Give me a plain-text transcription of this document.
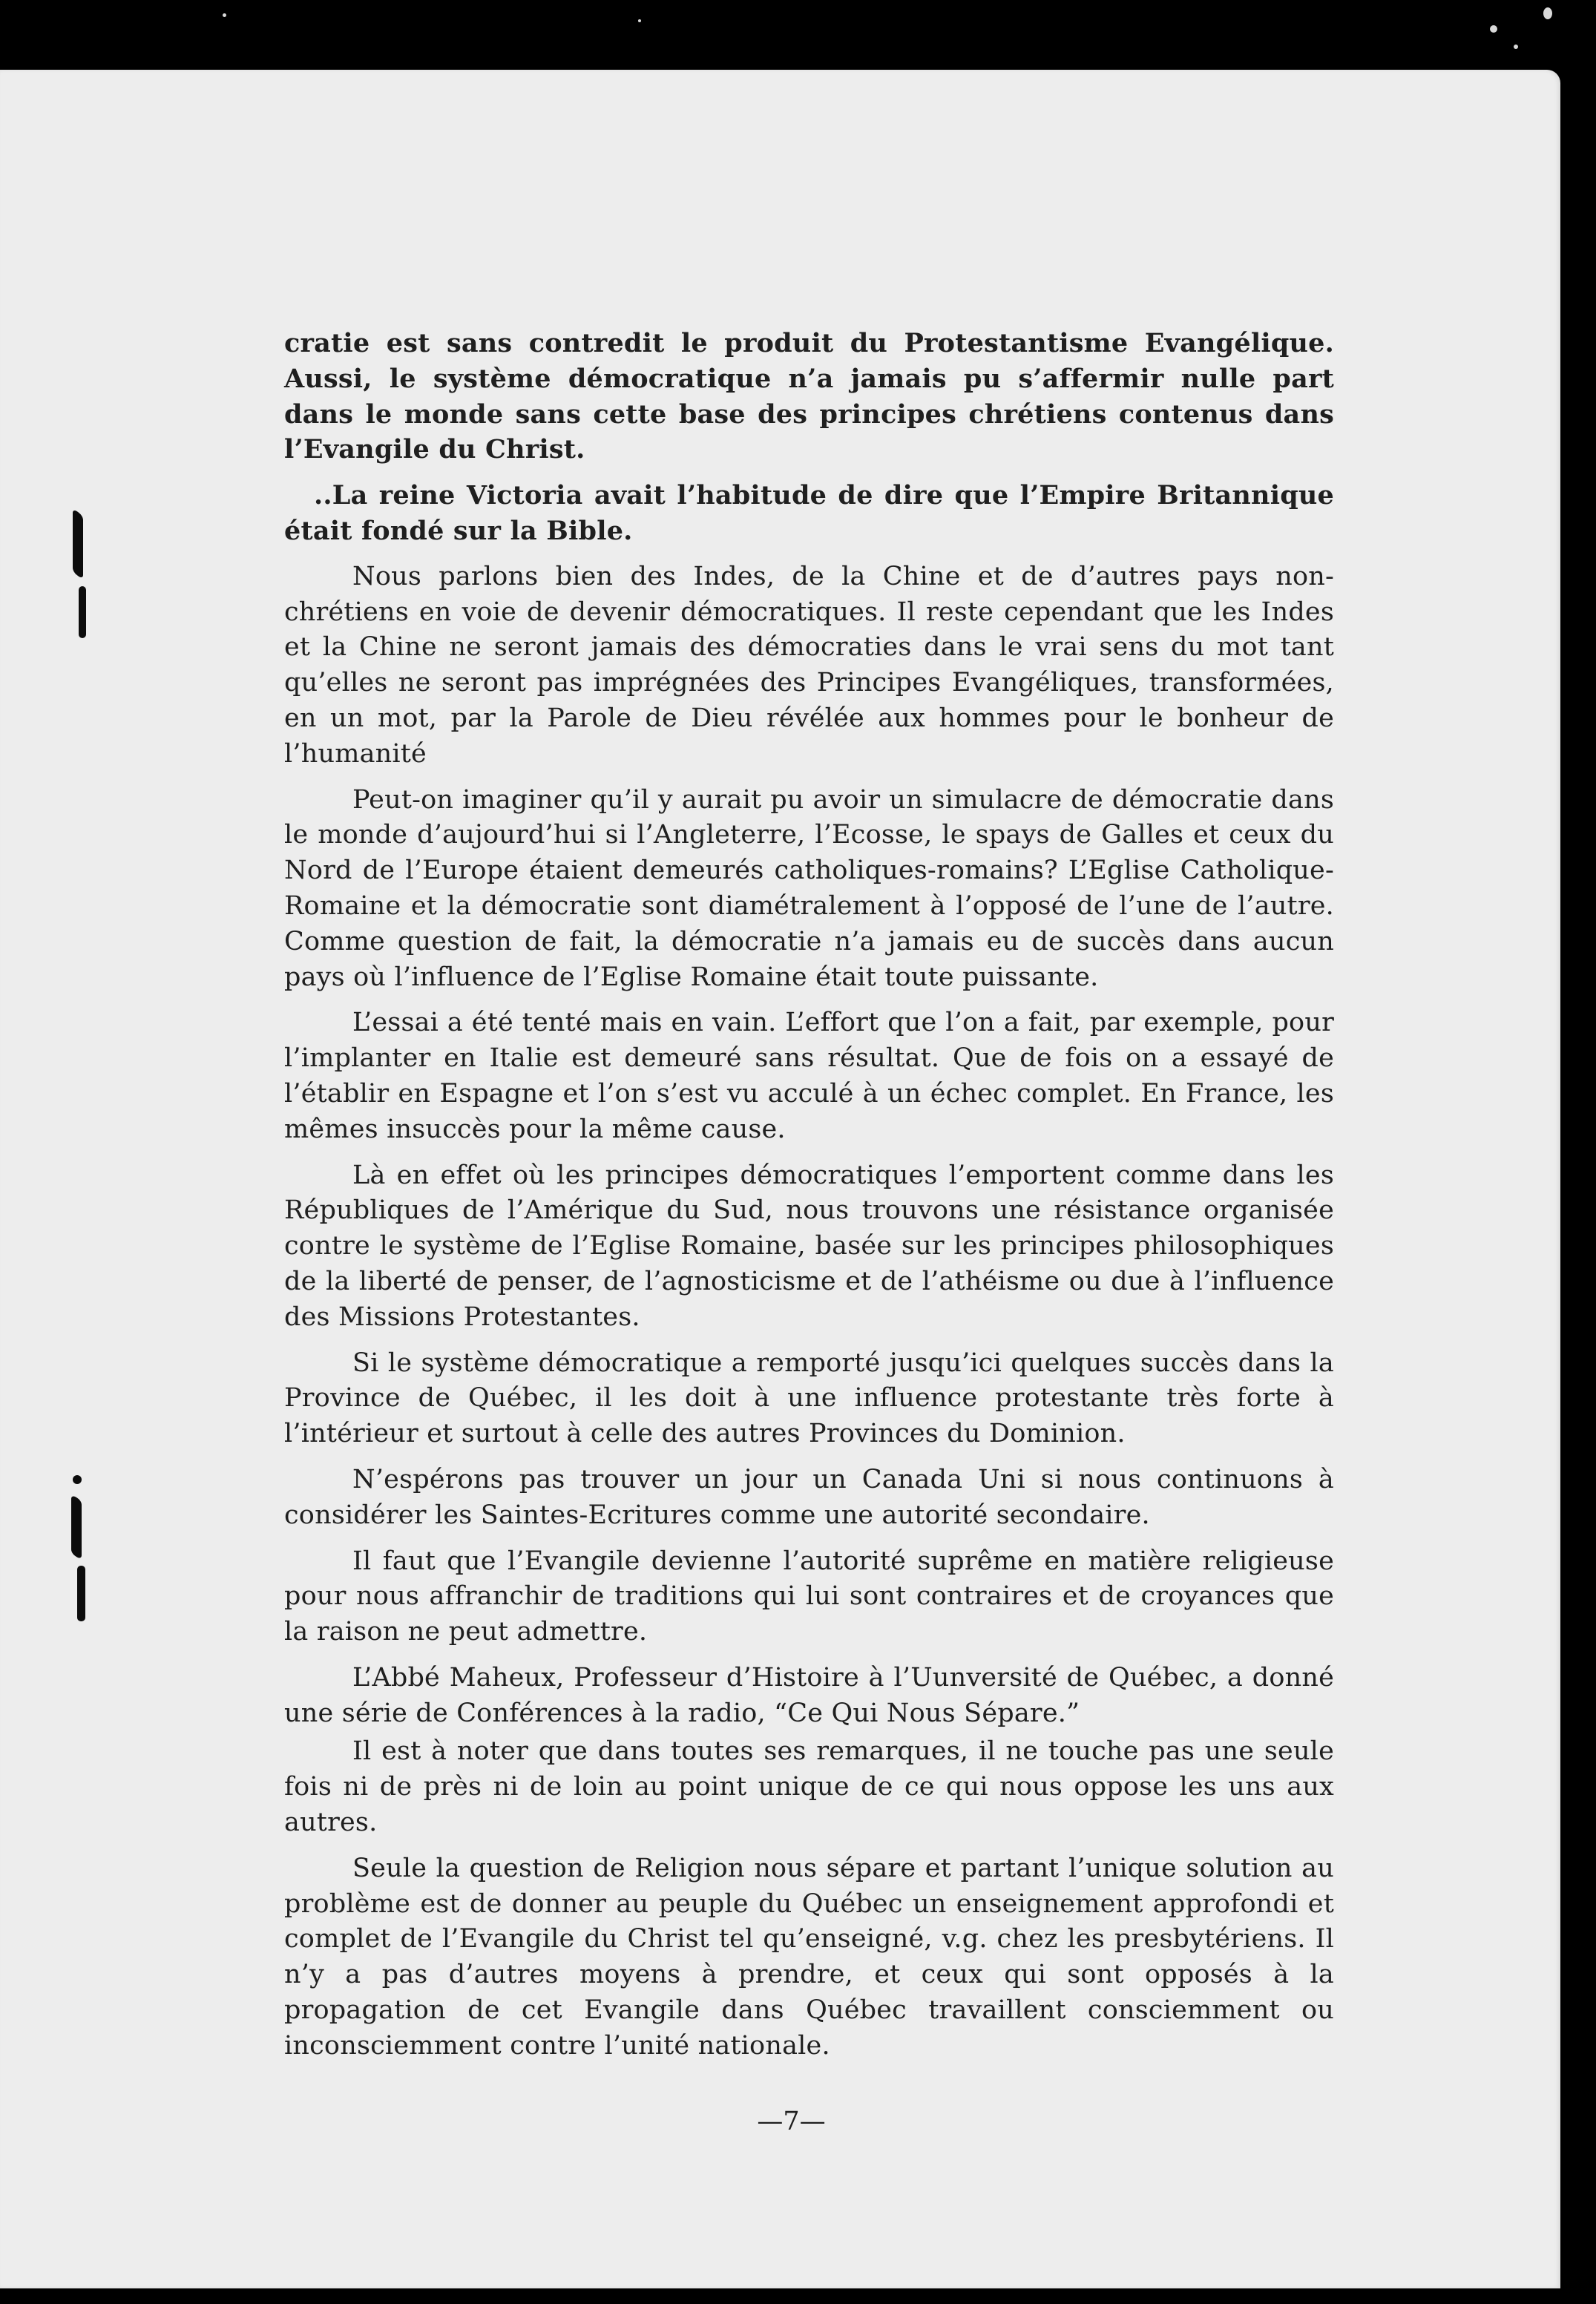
cratie est sans contredit le produit du Protestantisme Evangélique. Aussi, le système démocratique n’a jamais pu s’affermir nulle part dans le monde sans cette base des principes chrétiens contenus dans l’Evangile du Christ.

..La reine Victoria avait l’habitude de dire que l’Empire Britannique était fondé sur la Bible.

Nous parlons bien des Indes, de la Chine et de d’autres pays non-chrétiens en voie de devenir démocratiques. Il reste cependant que les Indes et la Chine ne seront jamais des démocraties dans le vrai sens du mot tant qu’elles ne seront pas imprégnées des Principes Evangéliques, transformées, en un mot, par la Parole de Dieu révélée aux hommes pour le bonheur de l’humanité

Peut-on imaginer qu’il y aurait pu avoir un simulacre de démocratie dans le monde d’aujourd’hui si l’Angleterre, l’Ecosse, le spays de Galles et ceux du Nord de l’Europe étaient demeurés catholiques-romains? L’Eglise Catholique-Romaine et la démocratie sont diamétralement à l’opposé de l’une de l’autre. Comme question de fait, la démocratie n’a jamais eu de succès dans aucun pays où l’influence de l’Eglise Romaine était toute puissante.

L’essai a été tenté mais en vain. L’effort que l’on a fait, par exemple, pour l’implanter en Italie est demeuré sans résultat. Que de fois on a essayé de l’établir en Espagne et l’on s’est vu acculé à un échec complet. En France, les mêmes insuccès pour la même cause.

Là en effet où les principes démocratiques l’emportent comme dans les Républiques de l’Amérique du Sud, nous trouvons une résistance organisée contre le système de l’Eglise Romaine, basée sur les principes philosophiques de la liberté de penser, de l’agnosticisme et de l’athéisme ou due à l’influence des Missions Protestantes.

Si le système démocratique a remporté jusqu’ici quelques succès dans la Province de Québec, il les doit à une influence protestante très forte à l’intérieur et surtout à celle des autres Provinces du Dominion.

N’espérons pas trouver un jour un Canada Uni si nous continuons à considérer les Saintes-Ecritures comme une autorité secondaire.

Il faut que l’Evangile devienne l’autorité suprême en matière religieuse pour nous affranchir de traditions qui lui sont contraires et de croyances que la raison ne peut admettre.

L’Abbé Maheux, Professeur d’Histoire à l’Uunversité de Québec, a donné une série de Conférences à la radio, “Ce Qui Nous Sépare.”

Il est à noter que dans toutes ses remarques, il ne touche pas une seule fois ni de près ni de loin au point unique de ce qui nous oppose les uns aux autres.

Seule la question de Religion nous sépare et partant l’unique solution au problème est de donner au peuple du Québec un enseignement approfondi et complet de l’Evangile du Christ tel qu’enseigné, v.g. chez les presbytériens. Il n’y a pas d’autres moyens à prendre, et ceux qui sont opposés à la propagation de cet Evangile dans Québec travaillent consciemment ou inconsciemment contre l’unité nationale.

—7—
